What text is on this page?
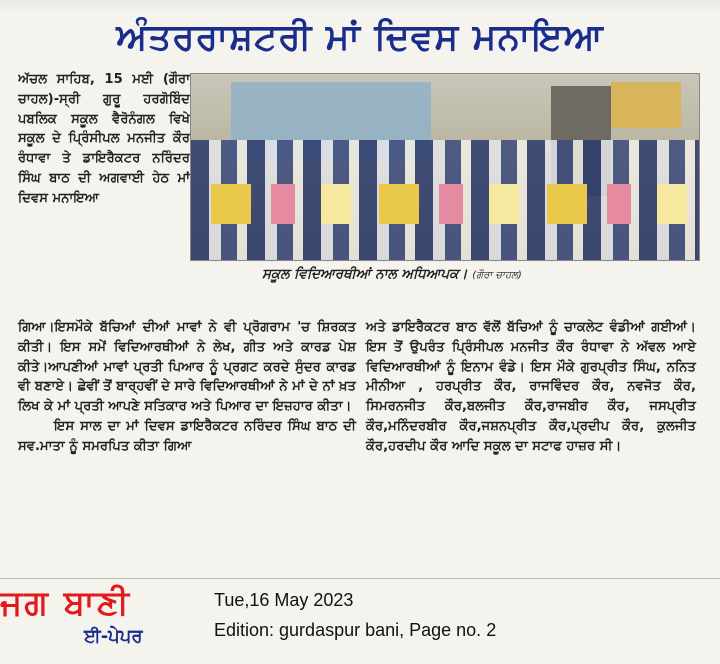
ਅੰਤਰਰਾਸ਼ਟਰੀ ਮਾਂ ਦਿਵਸ ਮਨਾਇਆ

ਅੱਚਲ ਸਾਹਿਬ, 15 ਮਈ (ਗੌਰਾ ਚਾਹਲ)-ਸ੍ਰੀ ਗੁਰੂ ਹਰਗੋਬਿੰਦ ਪਬਲਿਕ ਸਕੂਲ ਵੈਰੋਨੰਗਲ ਵਿਖੇ ਸਕੂਲ ਦੇ ਪ੍ਰਿੰਸੀਪਲ ਮਨਜੀਤ ਕੌਰ ਰੰਧਾਵਾ ਤੇ ਡਾਇਰੈਕਟਰ ਨਰਿੰਦਰ ਸਿੰਘ ਬਾਠ ਦੀ ਅਗਵਾਈ ਹੇਠ ਮਾਂ ਦਿਵਸ ਮਨਾਇਆ

ਸਕੂਲ ਵਿਦਿਆਰਥੀਆਂ ਨਾਲ ਅਧਿਆਪਕ। (ਗੌਰਾ ਚਾਹਲ)

ਗਿਆ।ਇਸਮੌਕੇ ਬੱਚਿਆਂ ਦੀਆਂ ਮਾਵਾਂ ਨੇ ਵੀ ਪ੍ਰੋਗਰਾਮ 'ਚ ਸ਼ਿਰਕਤ ਕੀਤੀ। ਇਸ ਸਮੇਂ ਵਿਦਿਆਰਥੀਆਂ ਨੇ ਲੇਖ, ਗੀਤ ਅਤੇ ਕਾਰਡ ਪੇਸ਼ ਕੀਤੇ।ਆਪਣੀਆਂ ਮਾਵਾਂ ਪ੍ਰਤੀ ਪਿਆਰ ਨੂੰ ਪ੍ਰਗਟ ਕਰਦੇ ਸੁੰਦਰ ਕਾਰਡ ਵੀ ਬਣਾਏ। ਛੇਵੀਂ ਤੋਂ ਬਾਰ੍ਹਵੀਂ ਦੇ ਸਾਰੇ ਵਿਦਿਆਰਥੀਆਂ ਨੇ ਮਾਂ ਦੇ ਨਾਂ ਖ਼ਤ ਲਿਖ ਕੇ ਮਾਂ ਪ੍ਰਤੀ ਆਪਣੇ ਸਤਿਕਾਰ ਅਤੇ ਪਿਆਰ ਦਾ ਇਜ਼ਹਾਰ ਕੀਤਾ।

ਇਸ ਸਾਲ ਦਾ ਮਾਂ ਦਿਵਸ ਡਾਇਰੈਕਟਰ ਨਰਿੰਦਰ ਸਿੰਘ ਬਾਠ ਦੀ ਸਵ.ਮਾਤਾ ਨੂੰ ਸਮਰਪਿਤ ਕੀਤਾ ਗਿਆ

ਅਤੇ ਡਾਇਰੈਕਟਰ ਬਾਠ ਵੱਲੋਂ ਬੱਚਿਆਂ ਨੂੰ ਚਾਕਲੇਟ ਵੰਡੀਆਂ ਗਈਆਂ।ਇਸ ਤੋਂ ਉਪਰੰਤ ਪ੍ਰਿੰਸੀਪਲ ਮਨਜੀਤ ਕੌਰ ਰੰਧਾਵਾ ਨੇ ਅੱਵਲ ਆਏ ਵਿਦਿਆਰਥੀਆਂ ਨੂੰ ਇਨਾਮ ਵੰਡੇ। ਇਸ ਮੌਕੇ ਗੁਰਪ੍ਰੀਤ ਸਿੰਘ, ਨਨਿਤ ਮੀਨੀਆ , ਹਰਪ੍ਰੀਤ ਕੌਰ, ਰਾਜਵਿੰਦਰ ਕੌਰ, ਨਵਜੋਤ ਕੌਰ, ਸਿਮਰਨਜੀਤ ਕੌਰ,ਬਲਜੀਤ ਕੌਰ,ਰਾਜਬੀਰ ਕੌਰ, ਜਸਪ੍ਰੀਤ ਕੌਰ,ਮਨਿੰਦਰਬੀਰ ਕੌਰ,ਜਸ਼ਨਪ੍ਰੀਤ ਕੌਰ,ਪ੍ਰਦੀਪ ਕੌਰ, ਕੁਲਜੀਤ ਕੌਰ,ਹਰਦੀਪ ਕੌਰ ਆਦਿ ਸਕੂਲ ਦਾ ਸਟਾਫ ਹਾਜ਼ਰ ਸੀ।

ਜਗ ਬਾਣੀ
ਈ-ਪੇਪਰ
Tue,16 May 2023
Edition: gurdaspur bani, Page no. 2
